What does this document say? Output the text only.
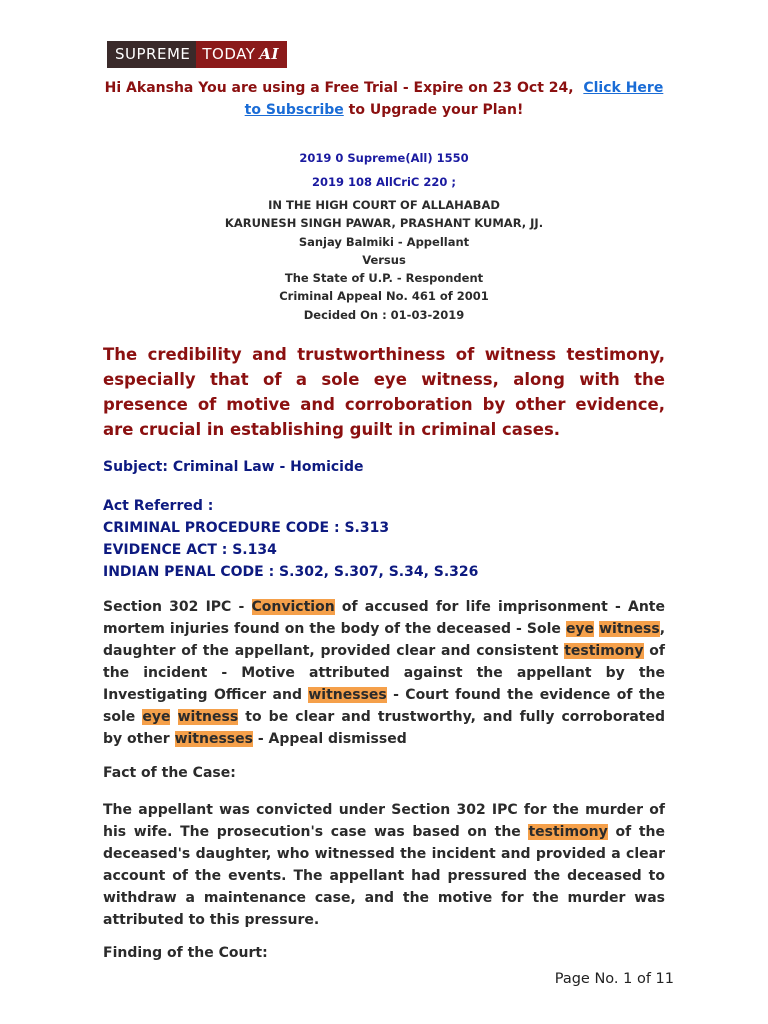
SUPREME TODAY AI
Hi Akansha You are using a Free Trial - Expire on 23 Oct 24, Click Here to Subscribe to Upgrade your Plan!
2019 0 Supreme(All) 1550
2019 108 AllCriC 220 ;
IN THE HIGH COURT OF ALLAHABAD
KARUNESH SINGH PAWAR, PRASHANT KUMAR, JJ.
Sanjay Balmiki - Appellant
Versus
The State of U.P. - Respondent
Criminal Appeal No. 461 of 2001
Decided On : 01-03-2019
The credibility and trustworthiness of witness testimony, especially that of a sole eye witness, along with the presence of motive and corroboration by other evidence, are crucial in establishing guilt in criminal cases.
Subject: Criminal Law - Homicide
Act Referred :
CRIMINAL PROCEDURE CODE : S.313
EVIDENCE ACT : S.134
INDIAN PENAL CODE : S.302, S.307, S.34, S.326
Section 302 IPC - Conviction of accused for life imprisonment - Ante mortem injuries found on the body of the deceased - Sole eye witness, daughter of the appellant, provided clear and consistent testimony of the incident - Motive attributed against the appellant by the Investigating Officer and witnesses - Court found the evidence of the sole eye witness to be clear and trustworthy, and fully corroborated by other witnesses - Appeal dismissed
Fact of the Case:
The appellant was convicted under Section 302 IPC for the murder of his wife. The prosecution's case was based on the testimony of the deceased's daughter, who witnessed the incident and provided a clear account of the events. The appellant had pressured the deceased to withdraw a maintenance case, and the motive for the murder was attributed to this pressure.
Finding of the Court:
Page No. 1 of 11
